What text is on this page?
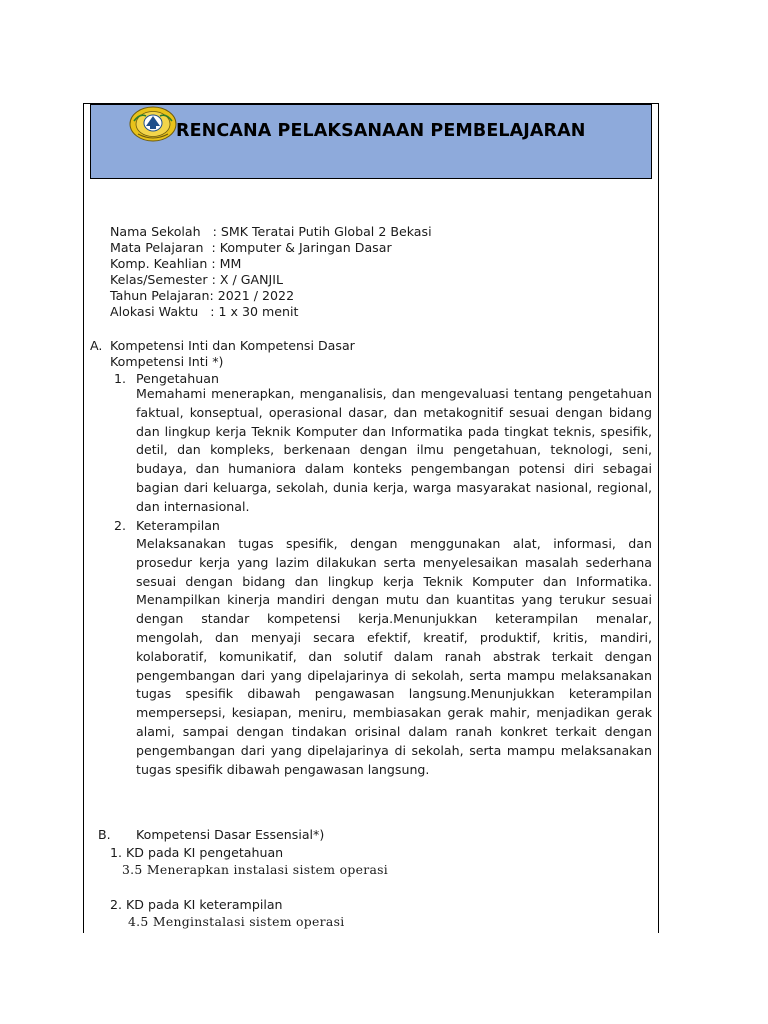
RENCANA PELAKSANAAN PEMBELAJARAN
Nama Sekolah : SMK Teratai Putih Global 2 Bekasi
Mata Pelajaran : Komputer & Jaringan Dasar
Komp. Keahlian : MM
Kelas/Semester : X / GANJIL
Tahun Pelajaran : 2021 / 2022
Alokasi Waktu : 1 x 30 menit
A. Kompetensi Inti dan Kompetensi Dasar
Kompetensi Inti *)
1. Pengetahuan

Memahami menerapkan, menganalisis, dan mengevaluasi tentang pengetahuan faktual, konseptual, operasional dasar, dan metakognitif sesuai dengan bidang dan lingkup kerja Teknik Komputer dan Informatika pada tingkat teknis, spesifik, detil, dan kompleks, berkenaan dengan ilmu pengetahuan, teknologi, seni, budaya, dan humaniora dalam konteks pengembangan potensi diri sebagai bagian dari keluarga, sekolah, dunia kerja, warga masyarakat nasional, regional, dan internasional.

2. Keterampilan

Melaksanakan tugas spesifik, dengan menggunakan alat, informasi, dan prosedur kerja yang lazim dilakukan serta menyelesaikan masalah sederhana sesuai dengan bidang dan lingkup kerja Teknik Komputer dan Informatika. Menampilkan kinerja mandiri dengan mutu dan kuantitas yang terukur sesuai dengan standar kompetensi kerja.Menunjukkan keterampilan menalar, mengolah, dan menyaji secara efektif, kreatif, produktif, kritis, mandiri, kolaboratif, komunikatif, dan solutif dalam ranah abstrak terkait dengan pengembangan dari yang dipelajarinya di sekolah, serta mampu melaksanakan tugas spesifik dibawah pengawasan langsung.Menunjukkan keterampilan mempersepsi, kesiapan, meniru, membiasakan gerak mahir, menjadikan gerak alami, sampai dengan tindakan orisinal dalam ranah konkret terkait dengan pengembangan dari yang dipelajarinya di sekolah, serta mampu melaksanakan tugas spesifik dibawah pengawasan langsung.

B. Kompetensi Dasar Essensial*)
1. KD pada KI pengetahuan
3.5 Menerapkan instalasi sistem operasi
2. KD pada KI keterampilan
4.5 Menginstalasi sistem operasi
